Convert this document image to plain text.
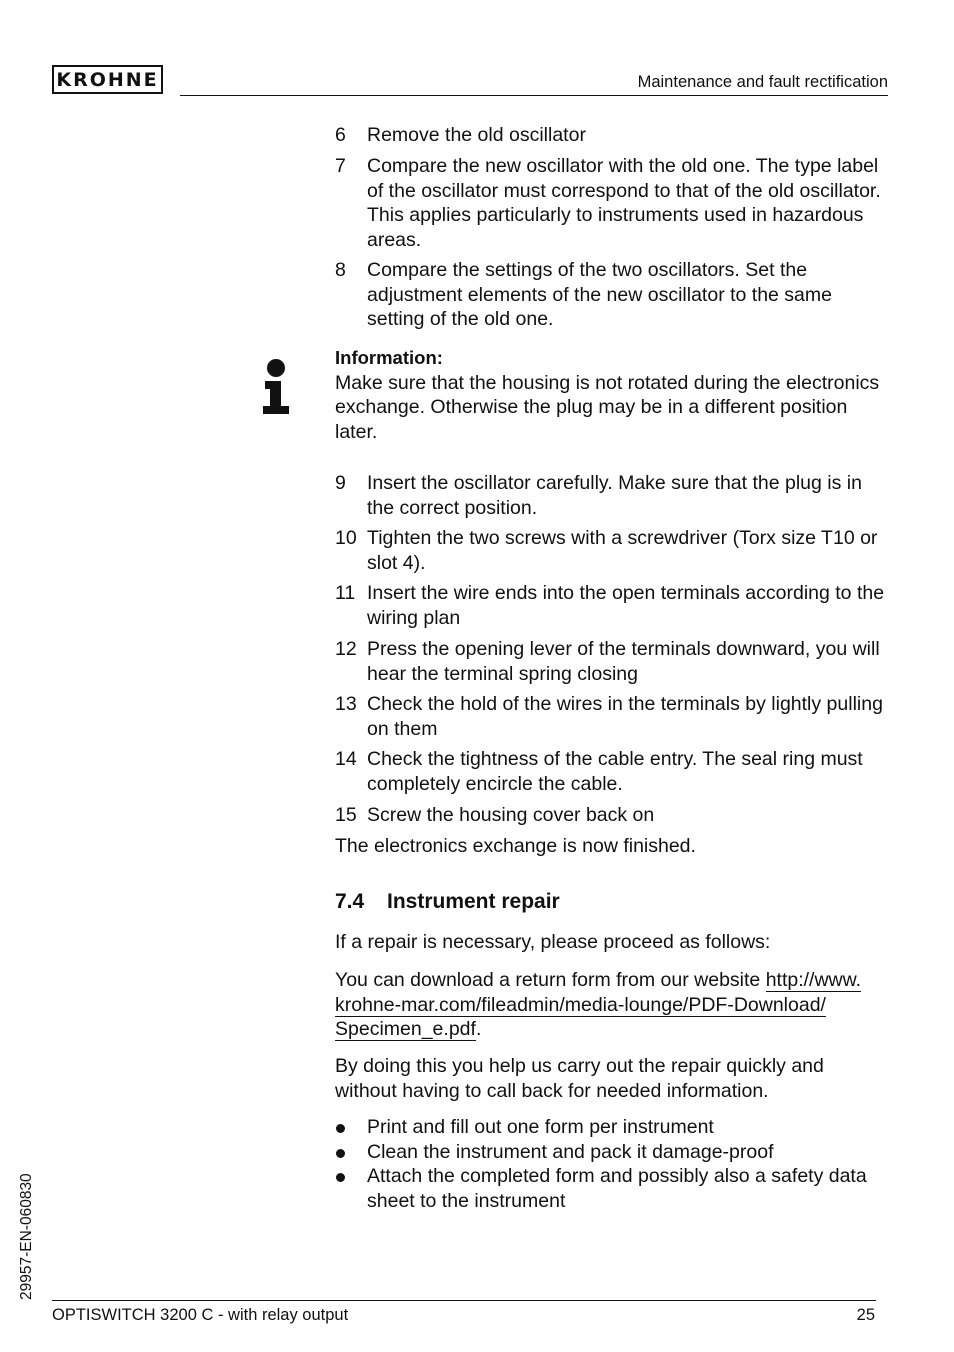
KROHNE	Maintenance and fault rectification
6 Remove the old oscillator
7 Compare the new oscillator with the old one. The type label of the oscillator must correspond to that of the old oscillator. This applies particularly to instruments used in hazardous areas.
8 Compare the settings of the two oscillators. Set the adjustment elements of the new oscillator to the same setting of the old one.
Information:
Make sure that the housing is not rotated during the electronics exchange. Otherwise the plug may be in a different position later.
9 Insert the oscillator carefully. Make sure that the plug is in the correct position.
10 Tighten the two screws with a screwdriver (Torx size T10 or slot 4).
11 Insert the wire ends into the open terminals according to the wiring plan
12 Press the opening lever of the terminals downward, you will hear the terminal spring closing
13 Check the hold of the wires in the terminals by lightly pulling on them
14 Check the tightness of the cable entry. The seal ring must completely encircle the cable.
15 Screw the housing cover back on
The electronics exchange is now finished.
7.4 Instrument repair
If a repair is necessary, please proceed as follows:
You can download a return form from our website http://www.
krohne-mar.com/fileadmin/media-lounge/PDF-Download/
Specimen_e.pdf.
By doing this you help us carry out the repair quickly and without having to call back for needed information.
Print and fill out one form per instrument
Clean the instrument and pack it damage-proof
Attach the completed form and possibly also a safety data sheet to the instrument
29957-EN-060830
OPTISWITCH 3200 C - with relay output	25
